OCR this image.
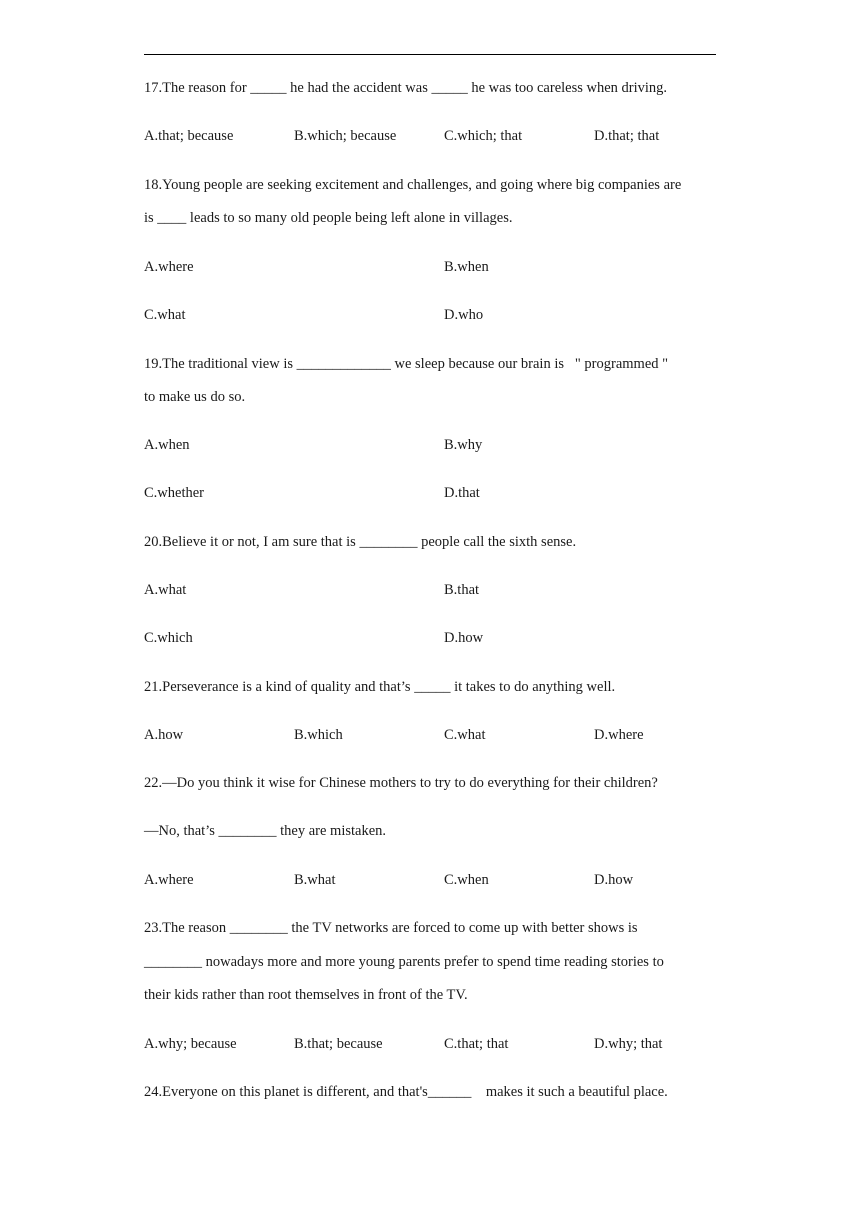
17.The reason for _____ he had the accident was _____ he was too careless when driving.
A.that; because	B.which; because	C.which; that	D.that; that
18.Young people are seeking excitement and challenges, and going where big companies are
is ____ leads to so many old people being left alone in villages.
A.where	B.when
C.what	D.who
19.The traditional view is _____________ we sleep because our brain is   " programmed "
to make us do so.
A.when	B.why
C.whether	D.that
20.Believe it or not, I am sure that is ________ people call the sixth sense.
A.what	B.that
C.which	D.how
21.Perseverance is a kind of quality and that’s _____ it takes to do anything well.
A.how	B.which	C.what	D.where
22.—Do you think it wise for Chinese mothers to try to do everything for their children?
—No, that’s ________ they are mistaken.
A.where	B.what	C.when	D.how
23.The reason ________ the TV networks are forced to come up with better shows is
________ nowadays more and more young parents prefer to spend time reading stories to
their kids rather than root themselves in front of the TV.
A.why; because	B.that; because	C.that; that	D.why; that
24.Everyone on this planet is different, and that's______    makes it such a beautiful place.
